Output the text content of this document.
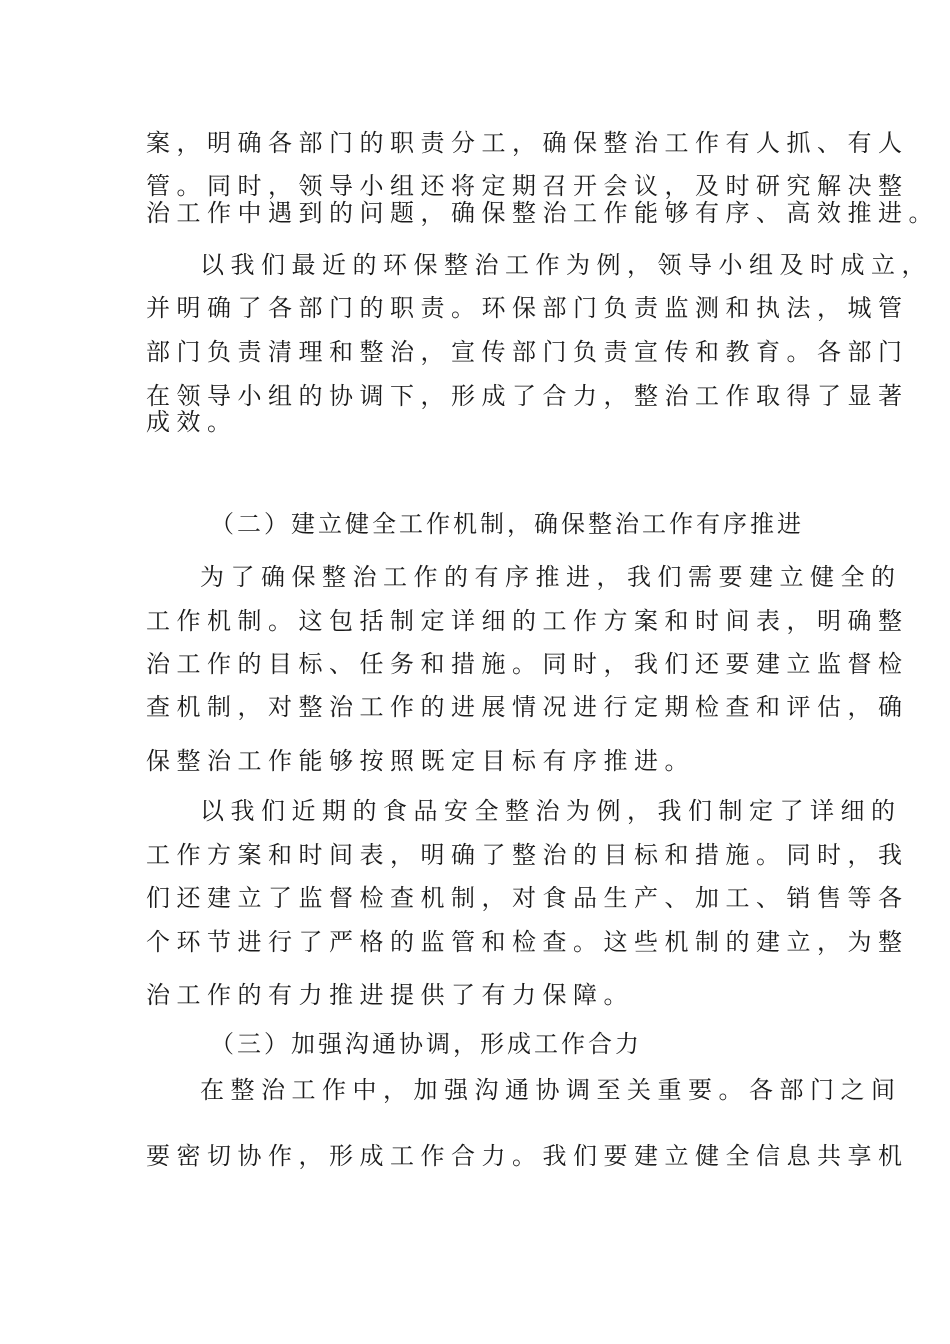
案，明确各部门的职责分工，确保整治工作有人抓、有人
管。同时，领导小组还将定期召开会议，及时研究解决整
治工作中遇到的问题，确保整治工作能够有序、高效推进。
以我们最近的环保整治工作为例，领导小组及时成立，
并明确了各部门的职责。环保部门负责监测和执法，城管
部门负责清理和整治，宣传部门负责宣传和教育。各部门
在领导小组的协调下，形成了合力，整治工作取得了显著
成效。
（二）建立健全工作机制，确保整治工作有序推进
为了确保整治工作的有序推进，我们需要建立健全的
工作机制。这包括制定详细的工作方案和时间表，明确整
治工作的目标、任务和措施。同时，我们还要建立监督检
查机制，对整治工作的进展情况进行定期检查和评估，确
保整治工作能够按照既定目标有序推进。
以我们近期的食品安全整治为例，我们制定了详细的
工作方案和时间表，明确了整治的目标和措施。同时，我
们还建立了监督检查机制，对食品生产、加工、销售等各
个环节进行了严格的监管和检查。这些机制的建立，为整
治工作的有力推进提供了有力保障。
（三）加强沟通协调，形成工作合力
在整治工作中，加强沟通协调至关重要。各部门之间
要密切协作，形成工作合力。我们要建立健全信息共享机
